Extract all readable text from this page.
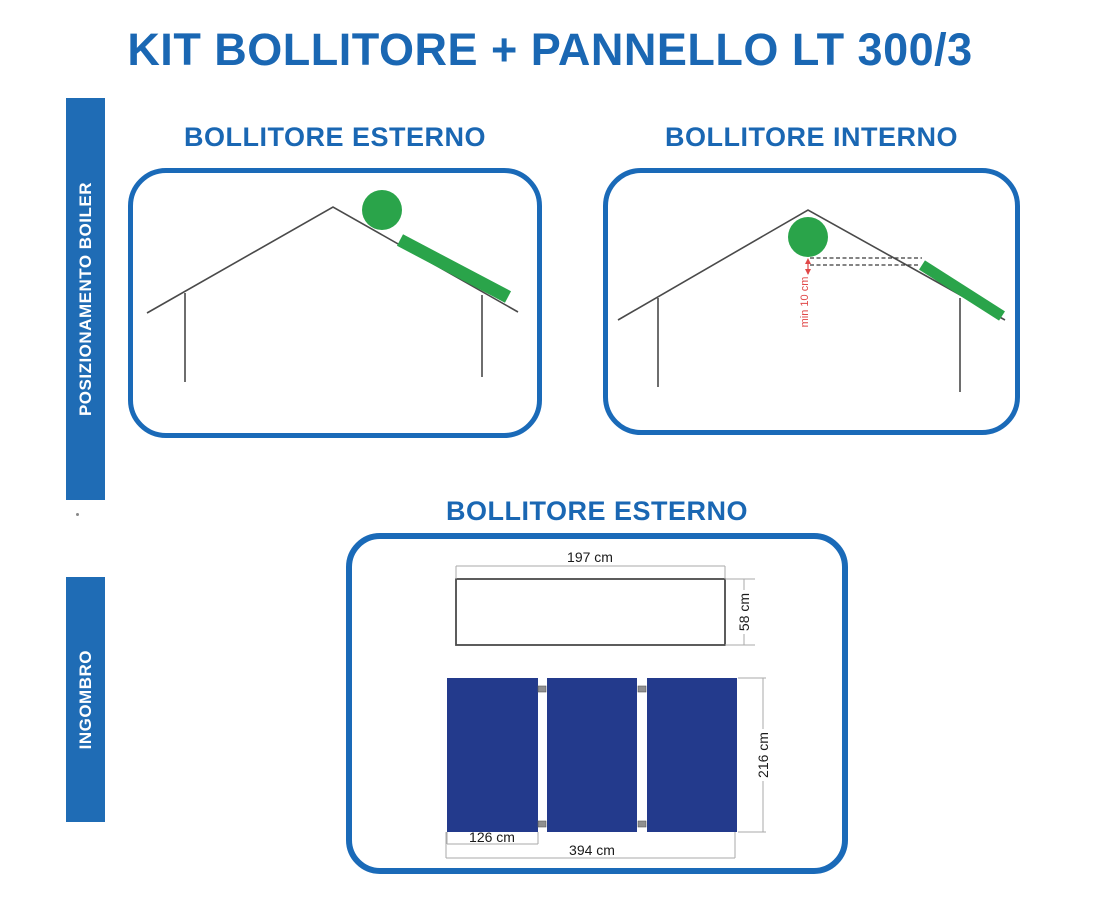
KIT BOLLITORE + PANNELLO LT 300/3
POSIZIONAMENTO BOILER
INGOMBRO
BOLLITORE ESTERNO	BOLLITORE INTERNO
BOLLITORE ESTERNO
min 10 cm
197 cm
58 cm
126 cm
394 cm
216 cm
